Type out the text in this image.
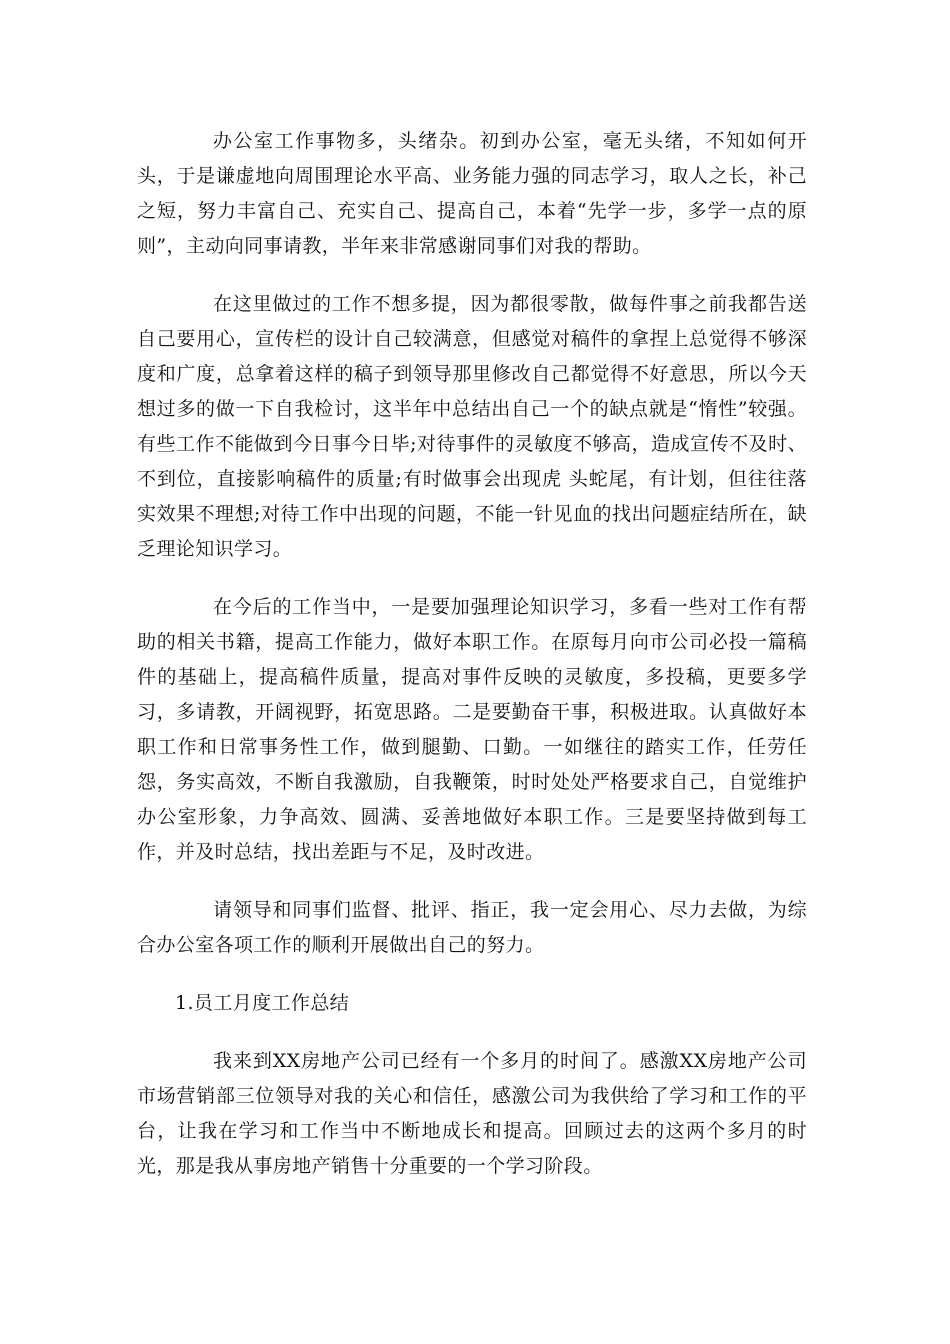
办公室工作事物多，头绪杂。初到办公室，毫无头绪，不知如何开头，于是谦虚地向周围理论水平高、业务能力强的同志学习，取人之长，补己之短，努力丰富自己、充实自己、提高自己，本着“先学一步，多学一点的原则”，主动向同事请教，半年来非常感谢同事们对我的帮助。

在这里做过的工作不想多提，因为都很零散，做每件事之前我都告送自己要用心，宣传栏的设计自己较满意，但感觉对稿件的拿捏上总觉得不够深度和广度，总拿着这样的稿子到领导那里修改自己都觉得不好意思，所以今天想过多的做一下自我检讨，这半年中总结出自己一个的缺点就是“惰性”较强。有些工作不能做到今日事今日毕;对待事件的灵敏度不够高，造成宣传不及时、不到位，直接影响稿件的质量;有时做事会出现虎 头蛇尾，有计划，但往往落实效果不理想;对待工作中出现的问题，不能一针见血的找出问题症结所在，缺乏理论知识学习。

在今后的工作当中，一是要加强理论知识学习，多看一些对工作有帮助的相关书籍，提高工作能力，做好本职工作。在原每月向市公司必投一篇稿件的基础上，提高稿件质量，提高对事件反映的灵敏度，多投稿，更要多学习，多请教，开阔视野，拓宽思路。二是要勤奋干事，积极进取。认真做好本职工作和日常事务性工作，做到腿勤、口勤。一如继往的踏实工作，任劳任怨，务实高效，不断自我激励，自我鞭策，时时处处严格要求自己，自觉维护办公室形象，力争高效、圆满、妥善地做好本职工作。三是要坚持做到每工作，并及时总结，找出差距与不足，及时改进。

请领导和同事们监督、批评、指正，我一定会用心、尽力去做，为综合办公室各项工作的顺利开展做出自己的努力。

1.员工月度工作总结

我来到XX房地产公司已经有一个多月的时间了。感激XX房地产公司市场营销部三位领导对我的关心和信任，感激公司为我供给了学习和工作的平台，让我在学习和工作当中不断地成长和提高。回顾过去的这两个多月的时光，那是我从事房地产销售十分重要的一个学习阶段。
